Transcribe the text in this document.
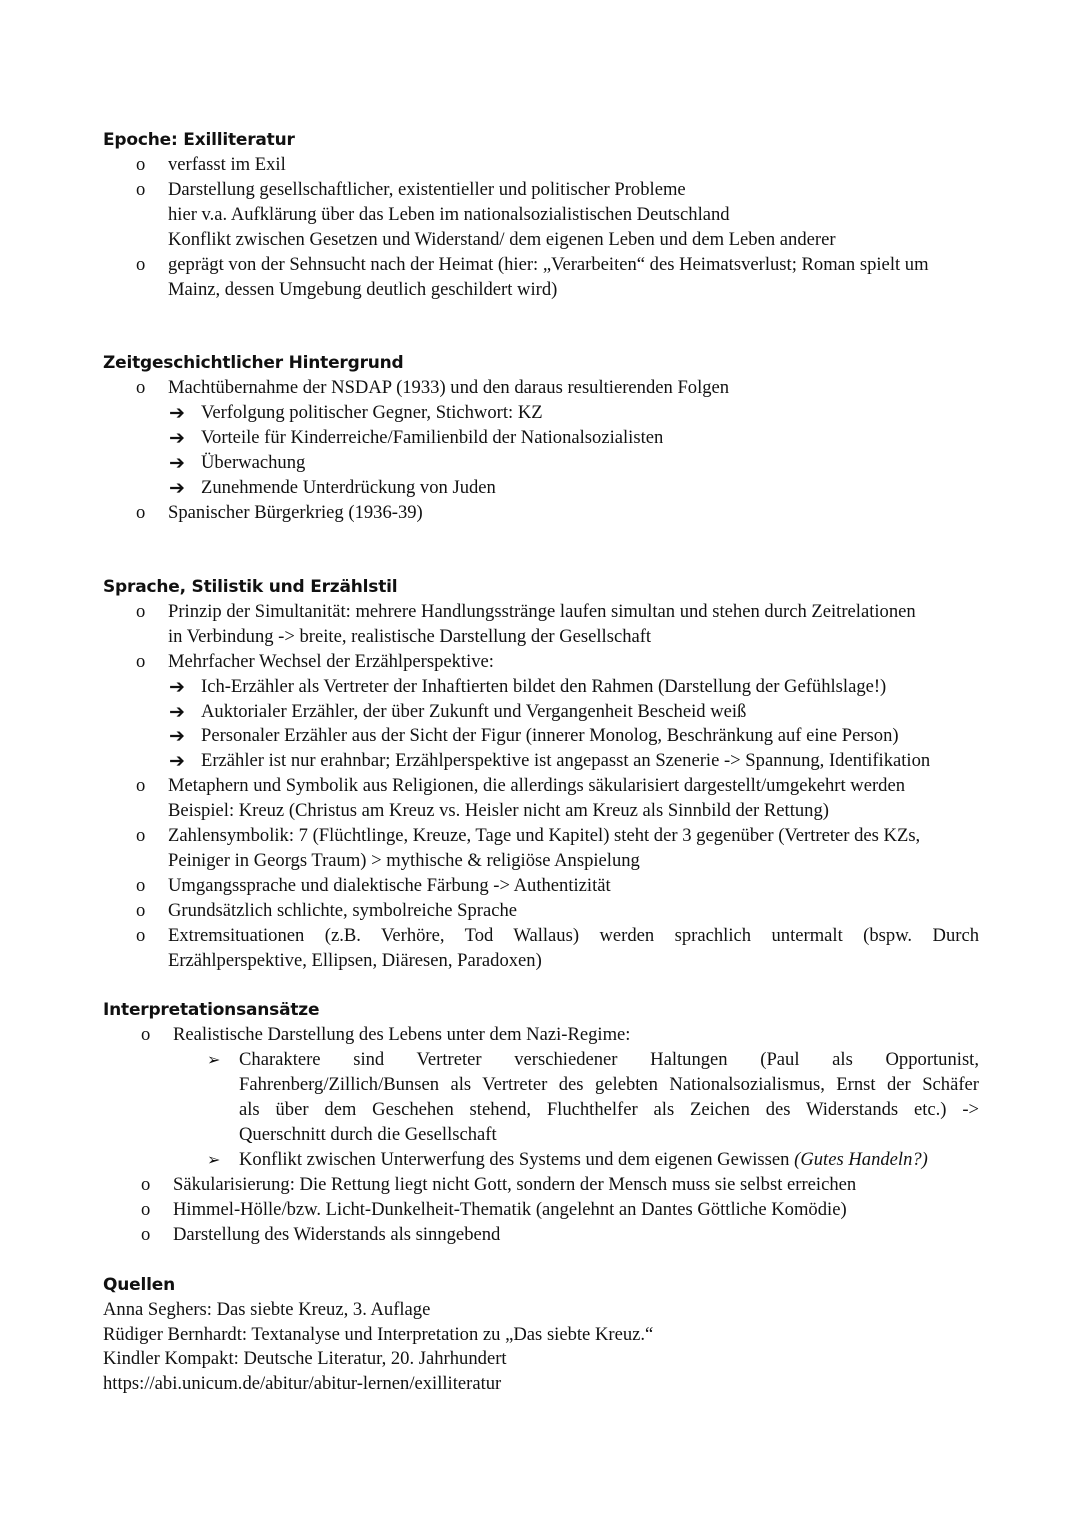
Epoche: Exilliteratur
o verfasst im Exil
o Darstellung gesellschaftlicher, existentieller und politischer Probleme
hier v.a. Aufklärung über das Leben im nationalsozialistischen Deutschland
Konflikt zwischen Gesetzen und Widerstand/ dem eigenen Leben und dem Leben anderer
o geprägt von der Sehnsucht nach der Heimat (hier: „Verarbeiten“ des Heimatsverlust; Roman spielt um
Mainz, dessen Umgebung deutlich geschildert wird)
Zeitgeschichtlicher Hintergrund
o Machtübernahme der NSDAP (1933) und den daraus resultierenden Folgen
➔ Verfolgung politischer Gegner, Stichwort: KZ
➔ Vorteile für Kinderreiche/Familienbild der Nationalsozialisten
➔ Überwachung
➔ Zunehmende Unterdrückung von Juden
o Spanischer Bürgerkrieg (1936-39)
Sprache, Stilistik und Erzählstil
o Prinzip der Simultanität: mehrere Handlungsstränge laufen simultan und stehen durch Zeitrelationen
in Verbindung -> breite, realistische Darstellung der Gesellschaft
o Mehrfacher Wechsel der Erzählperspektive:
➔ Ich-Erzähler als Vertreter der Inhaftierten bildet den Rahmen (Darstellung der Gefühlslage!)
➔ Auktorialer Erzähler, der über Zukunft und Vergangenheit Bescheid weiß
➔ Personaler Erzähler aus der Sicht der Figur (innerer Monolog, Beschränkung auf eine Person)
➔ Erzähler ist nur erahnbar; Erzählperspektive ist angepasst an Szenerie -> Spannung, Identifikation
o Metaphern und Symbolik aus Religionen, die allerdings säkularisiert dargestellt/umgekehrt werden
Beispiel: Kreuz (Christus am Kreuz vs. Heisler nicht am Kreuz als Sinnbild der Rettung)
o Zahlensymbolik: 7 (Flüchtlinge, Kreuze, Tage und Kapitel) steht der 3 gegenüber (Vertreter des KZs,
Peiniger in Georgs Traum) > mythische & religiöse Anspielung
o Umgangssprache und dialektische Färbung -> Authentizität
o Grundsätzlich schlichte, symbolreiche Sprache
o Extremsituationen (z.B. Verhöre, Tod Wallaus) werden sprachlich untermalt (bspw. Durch
Erzählperspektive, Ellipsen, Diäresen, Paradoxen)
Interpretationsansätze
o Realistische Darstellung des Lebens unter dem Nazi-Regime:
➢ Charaktere sind Vertreter verschiedener Haltungen (Paul als Opportunist,
Fahrenberg/Zillich/Bunsen als Vertreter des gelebten Nationalsozialismus, Ernst der Schäfer
als über dem Geschehen stehend, Fluchthelfer als Zeichen des Widerstands etc.) ->
Querschnitt durch die Gesellschaft
➢ Konflikt zwischen Unterwerfung des Systems und dem eigenen Gewissen (Gutes Handeln?)
o Säkularisierung: Die Rettung liegt nicht Gott, sondern der Mensch muss sie selbst erreichen
o Himmel-Hölle/bzw. Licht-Dunkelheit-Thematik (angelehnt an Dantes Göttliche Komödie)
o Darstellung des Widerstands als sinngebend
Quellen
Anna Seghers: Das siebte Kreuz, 3. Auflage
Rüdiger Bernhardt: Textanalyse und Interpretation zu „Das siebte Kreuz.“
Kindler Kompakt: Deutsche Literatur, 20. Jahrhundert
https://abi.unicum.de/abitur/abitur-lernen/exilliteratur
